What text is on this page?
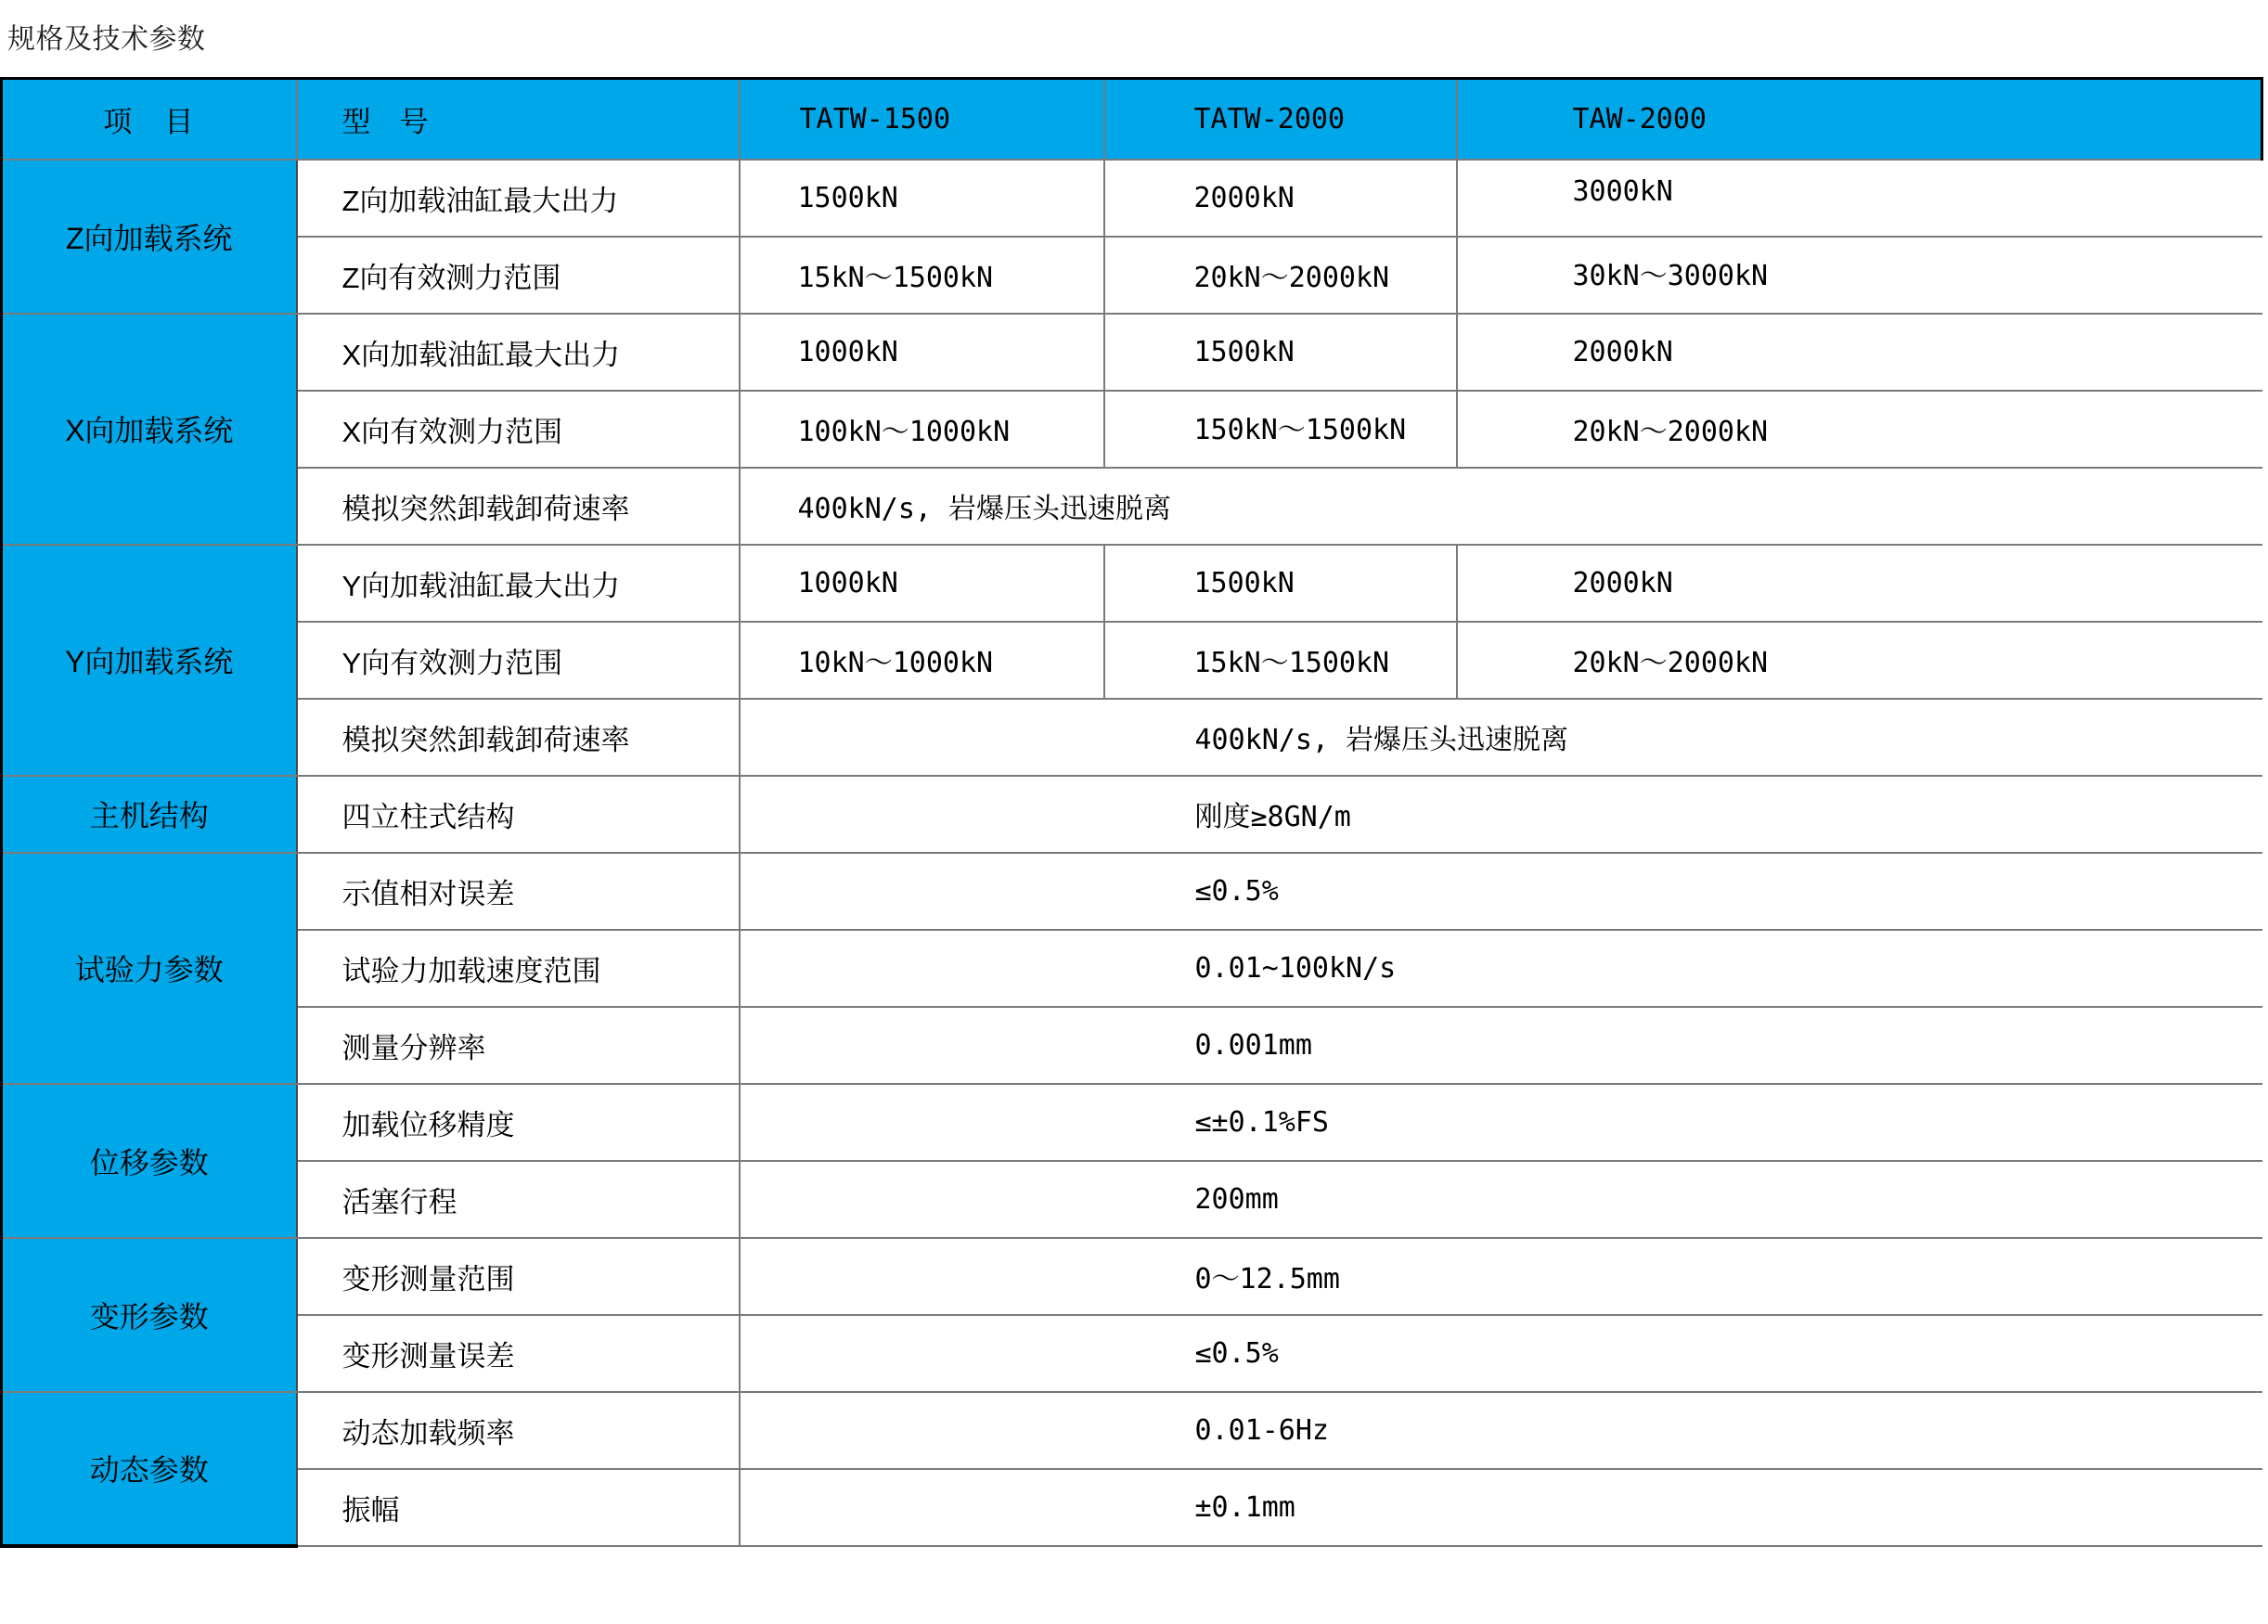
规格及技术参数
项　目	型　号	TATW-1500	TATW-2000	TAW-2000
Z向加载系统	Z向加载油缸最大出力	1500kN	2000kN	3000kN
	Z向有效测力范围	15kN～1500kN	20kN～2000kN	30kN～3000kN
X向加载系统	X向加载油缸最大出力	1000kN	1500kN	2000kN
	X向有效测力范围	100kN～1000kN	150kN～1500kN	20kN～2000kN
	模拟突然卸载卸荷速率	400kN/s, 岩爆压头迅速脱离		
Y向加载系统	Y向加载油缸最大出力	1000kN	1500kN	2000kN
	Y向有效测力范围	10kN～1000kN	15kN～1500kN	20kN～2000kN
	模拟突然卸载卸荷速率	400kN/s, 岩爆压头迅速脱离		
主机结构	四立柱式结构	刚度≥8GN/m		
试验力参数	示值相对误差	≤0.5%		
	试验力加载速度范围	0.01~100kN/s		
	测量分辨率	0.001mm		
位移参数	加载位移精度	≤±0.1%FS		
	活塞行程	200mm		
变形参数	变形测量范围	0～12.5mm		
	变形测量误差	≤0.5%		
动态参数	动态加载频率	0.01-6Hz		
	振幅	±0.1mm		
